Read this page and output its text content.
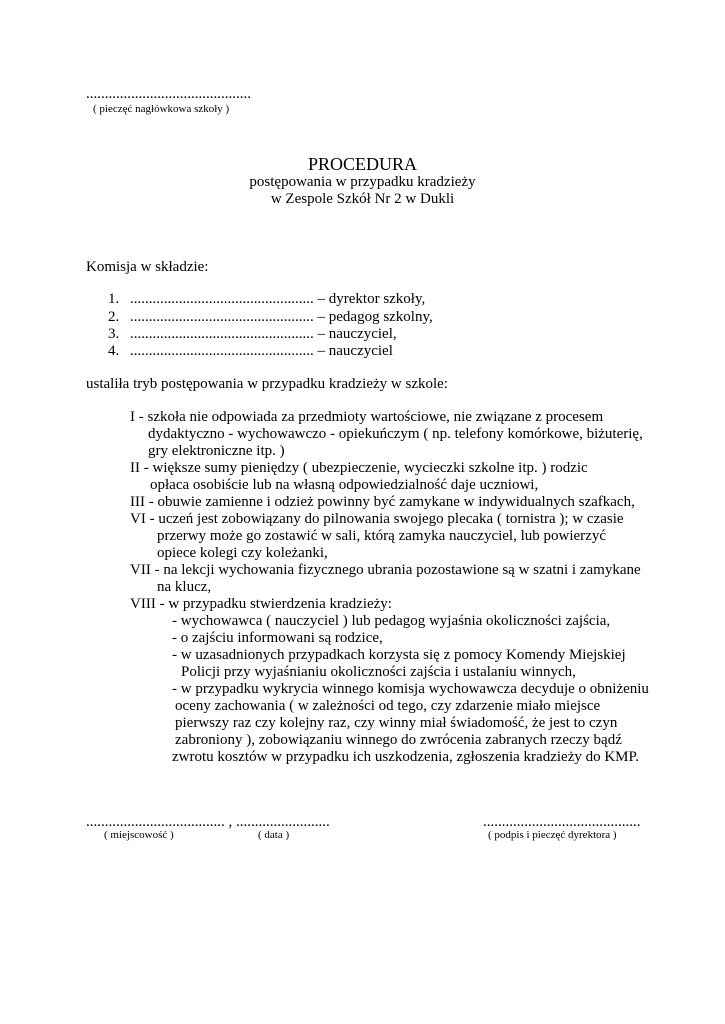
............................................
( pieczęć nagłówkowa szkoły )
PROCEDURA
postępowania w przypadku kradzieży
w Zespole Szkół Nr 2 w Dukli
Komisja w składzie:
1. ................................................. – dyrektor szkoły,
2. ................................................. – pedagog szkolny,
3. ................................................. – nauczyciel,
4. ................................................. – nauczyciel
ustaliła tryb postępowania w przypadku kradzieży w szkole:
I - szkoła nie odpowiada za przedmioty wartościowe, nie związane z procesem
dydaktyczno - wychowawczo - opiekuńczym ( np. telefony komórkowe, biżuterię,
gry elektroniczne itp. )
II - większe sumy pieniędzy ( ubezpieczenie, wycieczki szkolne itp. ) rodzic
opłaca osobiście lub na własną odpowiedzialność daje uczniowi,
III - obuwie zamienne i odzież powinny być zamykane w indywidualnych szafkach,
VI - uczeń jest zobowiązany do pilnowania swojego plecaka ( tornistra ); w czasie
przerwy może go zostawić w sali, którą zamyka nauczyciel, lub powierzyć
opiece kolegi czy koleżanki,
VII - na lekcji wychowania fizycznego ubrania pozostawione są w szatni i zamykane
na klucz,
VIII - w przypadku stwierdzenia kradzieży:
- wychowawca ( nauczyciel ) lub pedagog wyjaśnia okoliczności zajścia,
- o zajściu informowani są rodzice,
- w uzasadnionych przypadkach korzysta się z pomocy Komendy Miejskiej
Policji przy wyjaśnianiu okoliczności zajścia i ustalaniu winnych,
- w przypadku wykrycia winnego komisja wychowawcza decyduje o obniżeniu
oceny zachowania ( w zależności od tego, czy zdarzenie miało miejsce
pierwszy raz czy kolejny raz, czy winny miał świadomość, że jest to czyn
zabroniony ), zobowiązaniu winnego do zwrócenia zabranych rzeczy bądź
zwrotu kosztów w przypadku ich uszkodzenia, zgłoszenia kradzieży do KMP.
..................................... , .........................
( miejscowość )	( data )
..........................................
( podpis i pieczęć dyrektora )
